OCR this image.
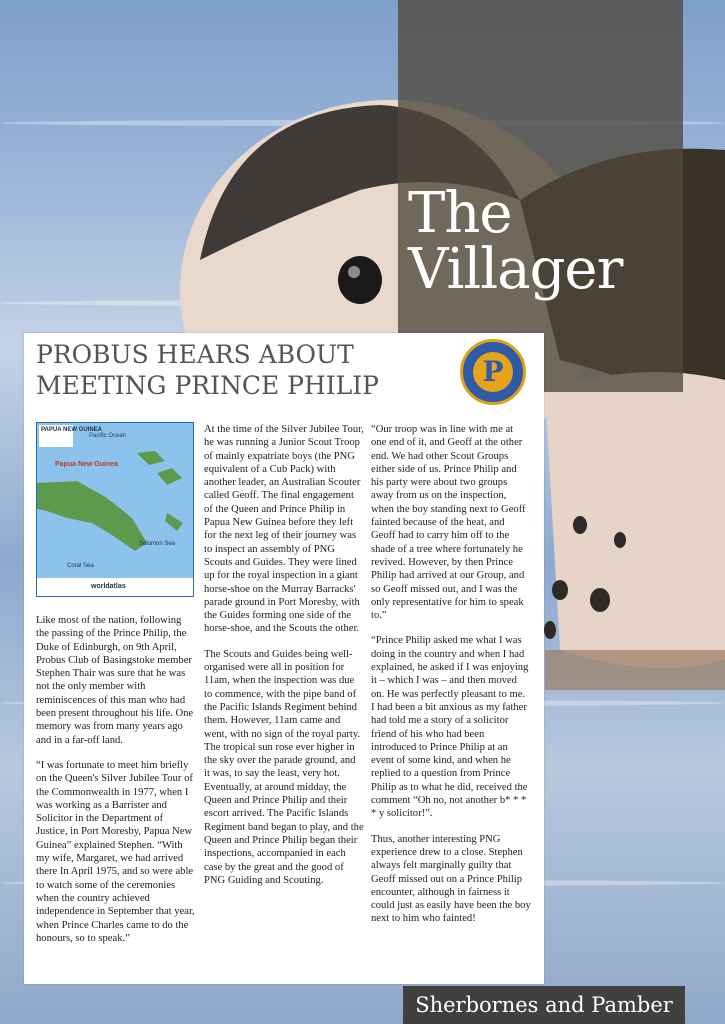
The
Villager
PROBUS HEARS ABOUT MEETING PRINCE PHILIP	P
PAPUA NEW GUINEA
Pacific Ocean
Papua New Guinea
Solomon Sea
Coral Sea
worldatlas

Like most of the nation, following the passing of the Prince Philip, the Duke of Edinburgh, on 9th April, Probus Club of Basingstoke member Stephen Thair was sure that he was not the only member with reminiscences of this man who had been present throughout his life. One memory was from many years ago and in a far-off land.

“I was fortunate to meet him briefly on the Queen's Silver Jubilee Tour of the Commonwealth in 1977, when I was working as a Barrister and Solicitor in the Department of Justice, in Port Moresby, Papua New Guinea” explained Stephen. “With my wife, Margaret, we had arrived there In April 1975, and so were able to watch some of the ceremonies when the country achieved independence in September that year, when Prince Charles came to do the honours, so to speak.”

At the time of the Silver Jubilee Tour, he was running a Junior Scout Troop of mainly expatriate boys (the PNG equivalent of a Cub Pack) with another leader, an Australian Scouter called Geoff. The final engagement of the Queen and Prince Philip in Papua New Guinea before they left for the next leg of their journey was to inspect an assembly of PNG Scouts and Guides. They were lined up for the royal inspection in a giant horse-shoe on the Murray Barracks' parade ground in Port Moresby, with the Guides forming one side of the horse-shoe, and the Scouts the other.

The Scouts and Guides being well-organised were all in position for 11am, when the inspection was due to commence, with the pipe band of the Pacific Islands Regiment behind them. However, 11am came and went, with no sign of the royal party. The tropical sun rose ever higher in the sky over the parade ground, and it was, to say the least, very hot. Eventually, at around midday, the Queen and Prince Philip and their escort arrived. The Pacific Islands Regiment band began to play, and the Queen and Prince Philip began their inspections, accompanied in each case by the great and the good of PNG Guiding and Scouting.

“Our troop was in line with me at one end of it, and Geoff at the other end. We had other Scout Groups either side of us. Prince Philip and his party were about two groups away from us on the inspection, when the boy standing next to Geoff fainted because of the heat, and Geoff had to carry him off to the shade of a tree where fortunately he revived. However, by then Prince Philip had arrived at our Group, and so Geoff missed out, and I was the only representative for him to speak to.”

“Prince Philip asked me what I was doing in the country and when I had explained, he asked if I was enjoying it – which I was – and then moved on. He was perfectly pleasant to me. I had been a bit anxious as my father had told me a story of a solicitor friend of his who had been introduced to Prince Philip at an event of some kind, and when he replied to a question from Prince Philip as to what he did, received the comment “Oh no, not another b* * * * y solicitor!”.

Thus, another interesting PNG experience drew to a close. Stephen always felt marginally guilty that Geoff missed out on a Prince Philip encounter, although in fairness it could just as easily have been the boy next to him who fainted!

Sherbornes and Pamber
